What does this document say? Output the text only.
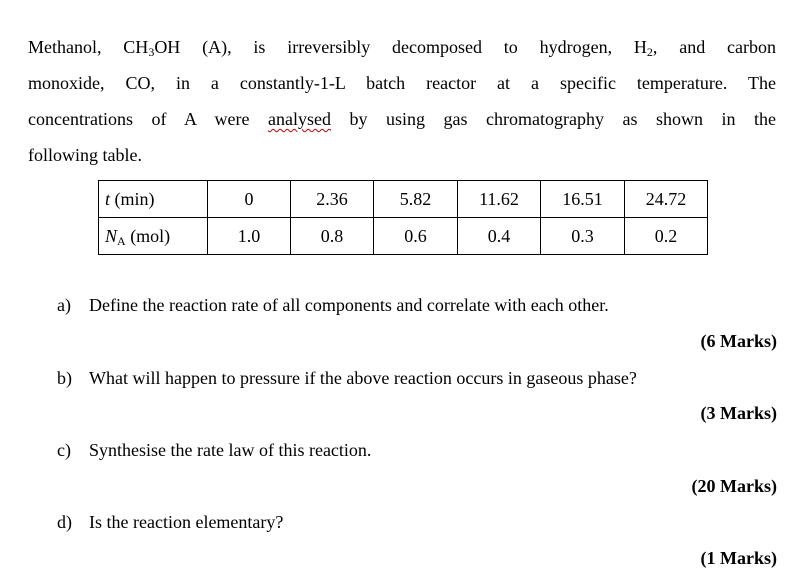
Methanol, $CH_3OH$ (A), is irreversibly decomposed to hydrogen, $H_2$, and carbon
monoxide, CO, in a constantly-1-L batch reactor at a specific temperature. The
concentrations of A were analysed by using gas chromatography as shown in the
following table.
t (min)	0	2.36	5.82	11.62	16.51	24.72
$N_A$ (mol)	1.0	0.8	0.6	0.4	0.3	0.2
a) Define the reaction rate of all components and correlate with each other.
(6 Marks)
b) What will happen to pressure if the above reaction occurs in gaseous phase?
(3 Marks)
c) Synthesise the rate law of this reaction.
(20 Marks)
d) Is the reaction elementary?
(1 Marks)
